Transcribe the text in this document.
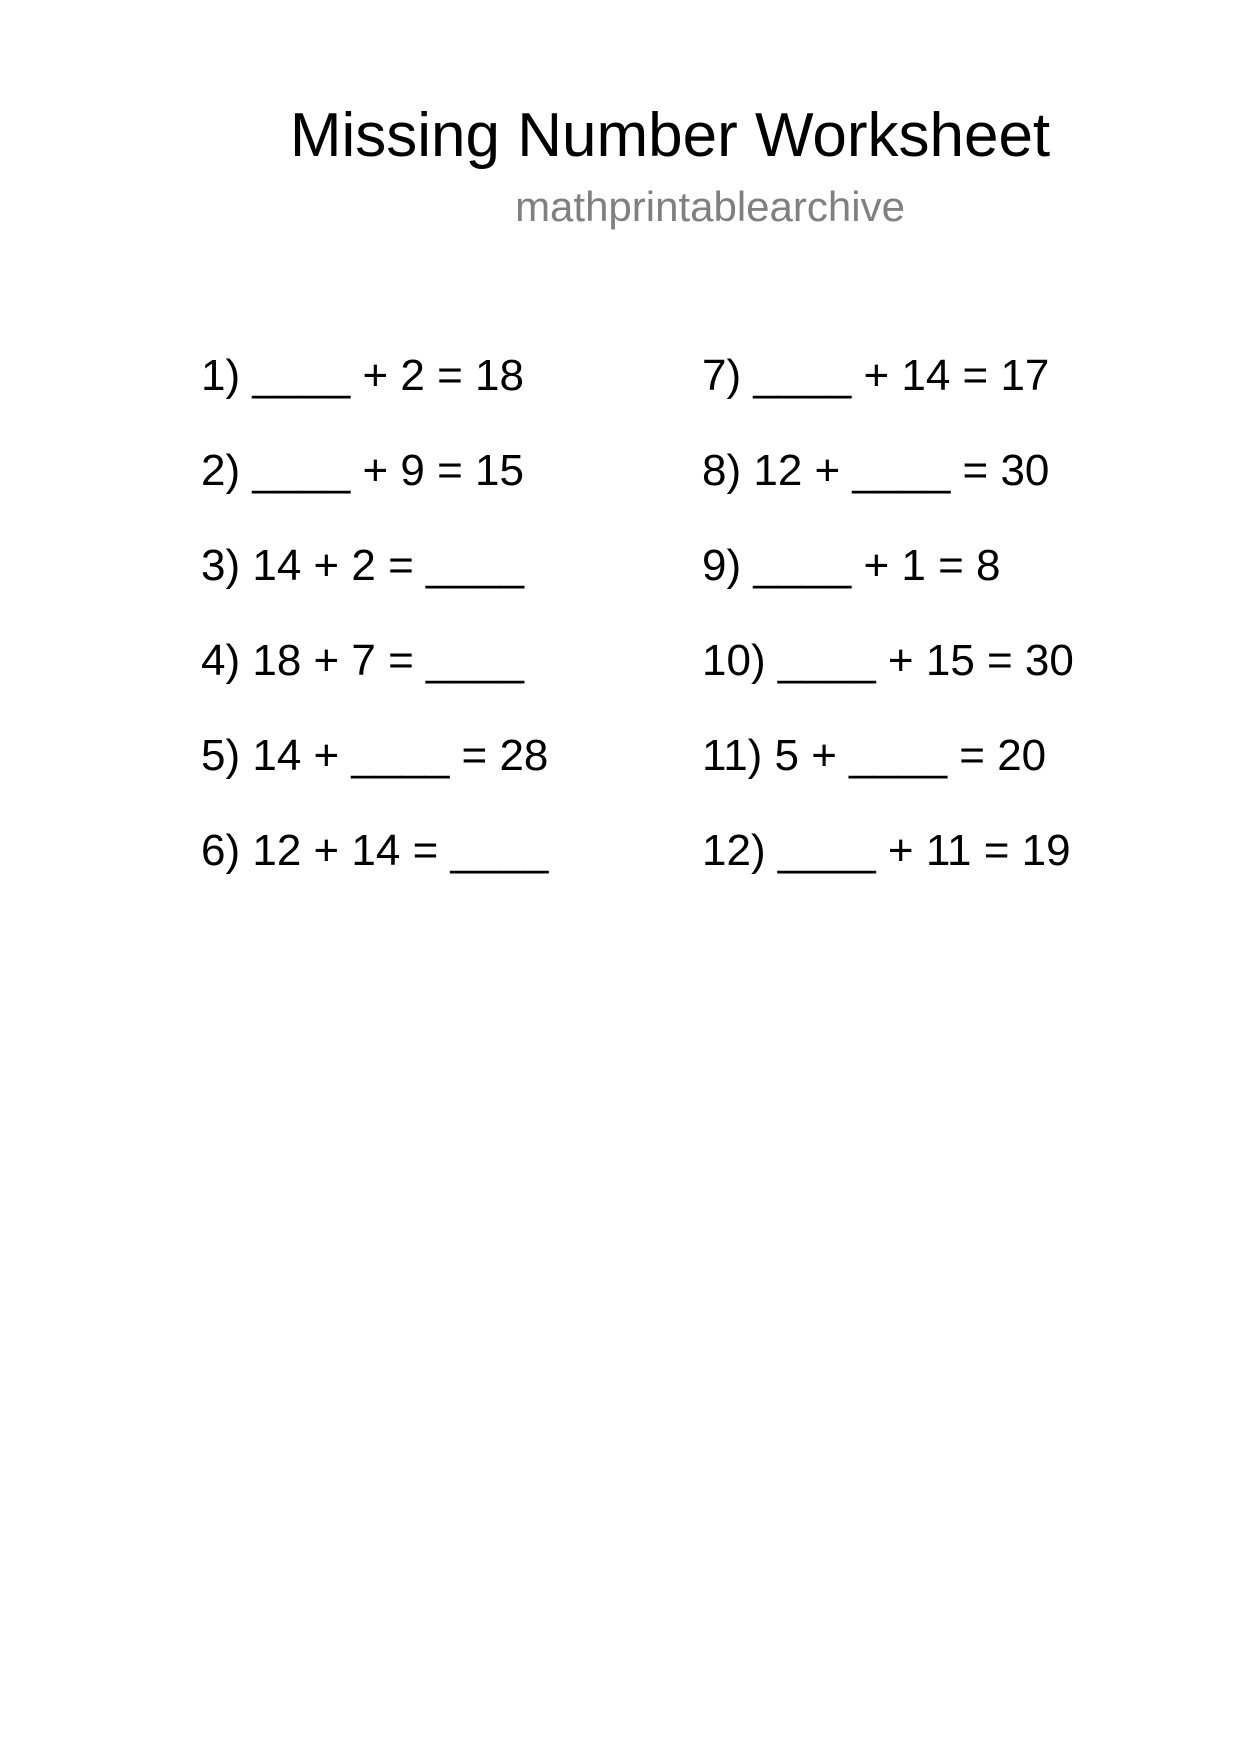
Missing Number Worksheet
mathprintablearchive
1) ____ + 2 = 18
2) ____ + 9 = 15
3) 14 + 2 = ____
4) 18 + 7 = ____
5) 14 + ____ = 28
6) 12 + 14 = ____
7) ____ + 14 = 17
8) 12 + ____ = 30
9) ____ + 1 = 8
10) ____ + 15 = 30
11) 5 + ____ = 20
12) ____ + 11 = 19
